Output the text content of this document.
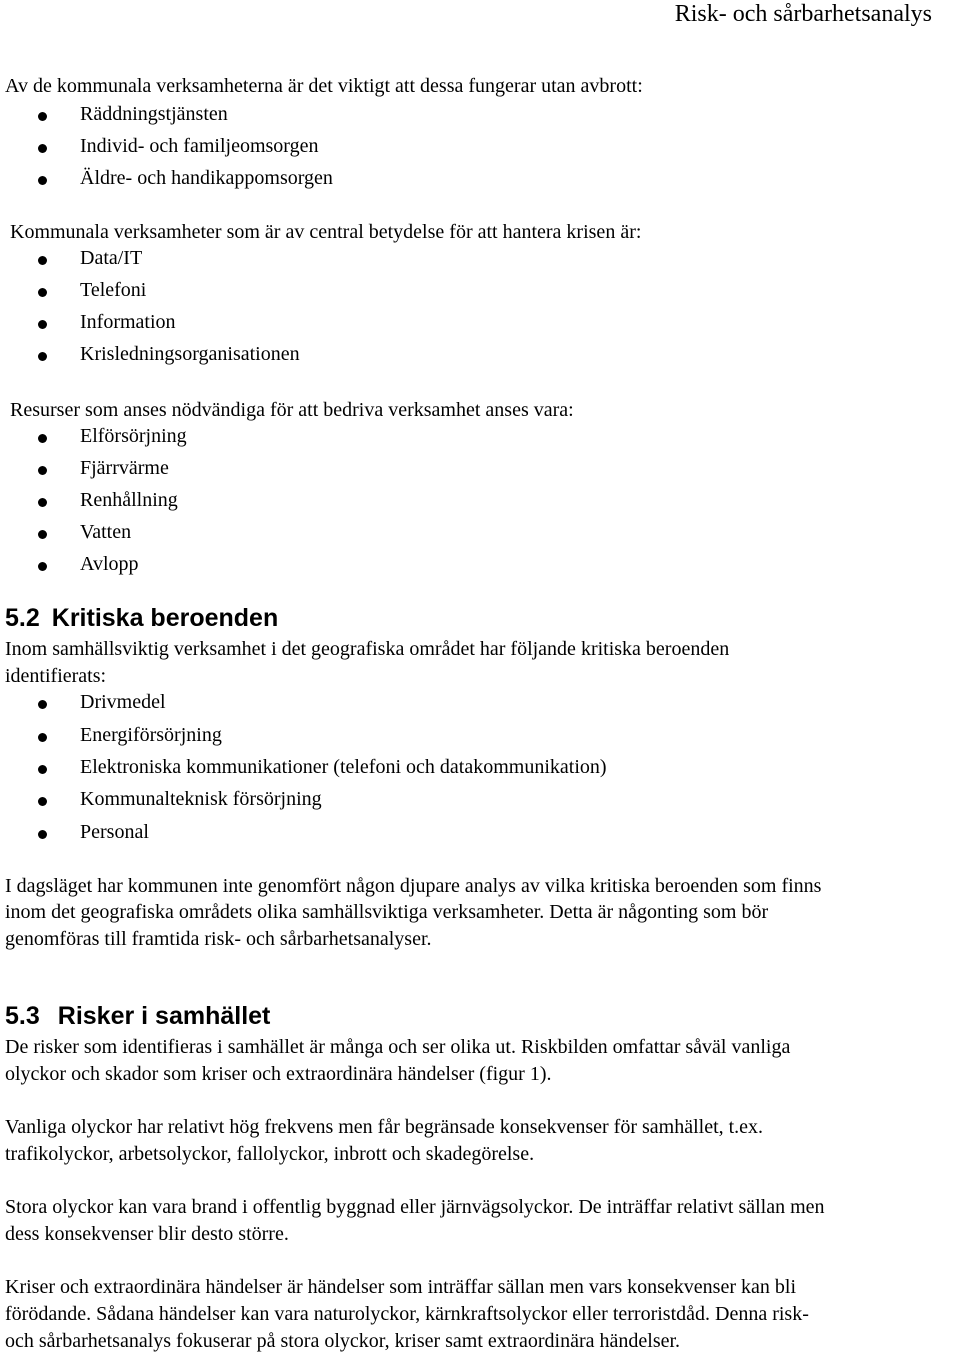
Risk- och sårbarhetsanalys
Av de kommunala verksamheterna är det viktigt att dessa fungerar utan avbrott:
Räddningstjänsten
Individ- och familjeomsorgen
Äldre- och handikappomsorgen
Kommunala verksamheter som är av central betydelse för att hantera krisen är:
Data/IT
Telefoni
Information
Krisledningsorganisationen
Resurser som anses nödvändiga för att bedriva verksamhet anses vara:
Elförsörjning
Fjärrvärme
Renhållning
Vatten
Avlopp
5.2 Kritiska beroenden
Inom samhällsviktig verksamhet i det geografiska området har följande kritiska beroenden
identifierats:
Drivmedel
Energiförsörjning
Elektroniska kommunikationer (telefoni och datakommunikation)
Kommunalteknisk försörjning
Personal
I dagsläget har kommunen inte genomfört någon djupare analys av vilka kritiska beroenden som finns
inom det geografiska områdets olika samhällsviktiga verksamheter. Detta är någonting som bör
genomföras till framtida risk- och sårbarhetsanalyser.
5.3 Risker i samhället
De risker som identifieras i samhället är många och ser olika ut. Riskbilden omfattar såväl vanliga
olyckor och skador som kriser och extraordinära händelser (figur 1).
Vanliga olyckor har relativt hög frekvens men får begränsade konsekvenser för samhället, t.ex.
trafikolyckor, arbetsolyckor, fallolyckor, inbrott och skadegörelse.
Stora olyckor kan vara brand i offentlig byggnad eller järnvägsolyckor. De inträffar relativt sällan men
dess konsekvenser blir desto större.
Kriser och extraordinära händelser är händelser som inträffar sällan men vars konsekvenser kan bli
förödande. Sådana händelser kan vara naturolyckor, kärnkraftsolyckor eller terroristdåd. Denna risk-
och sårbarhetsanalys fokuserar på stora olyckor, kriser samt extraordinära händelser.
